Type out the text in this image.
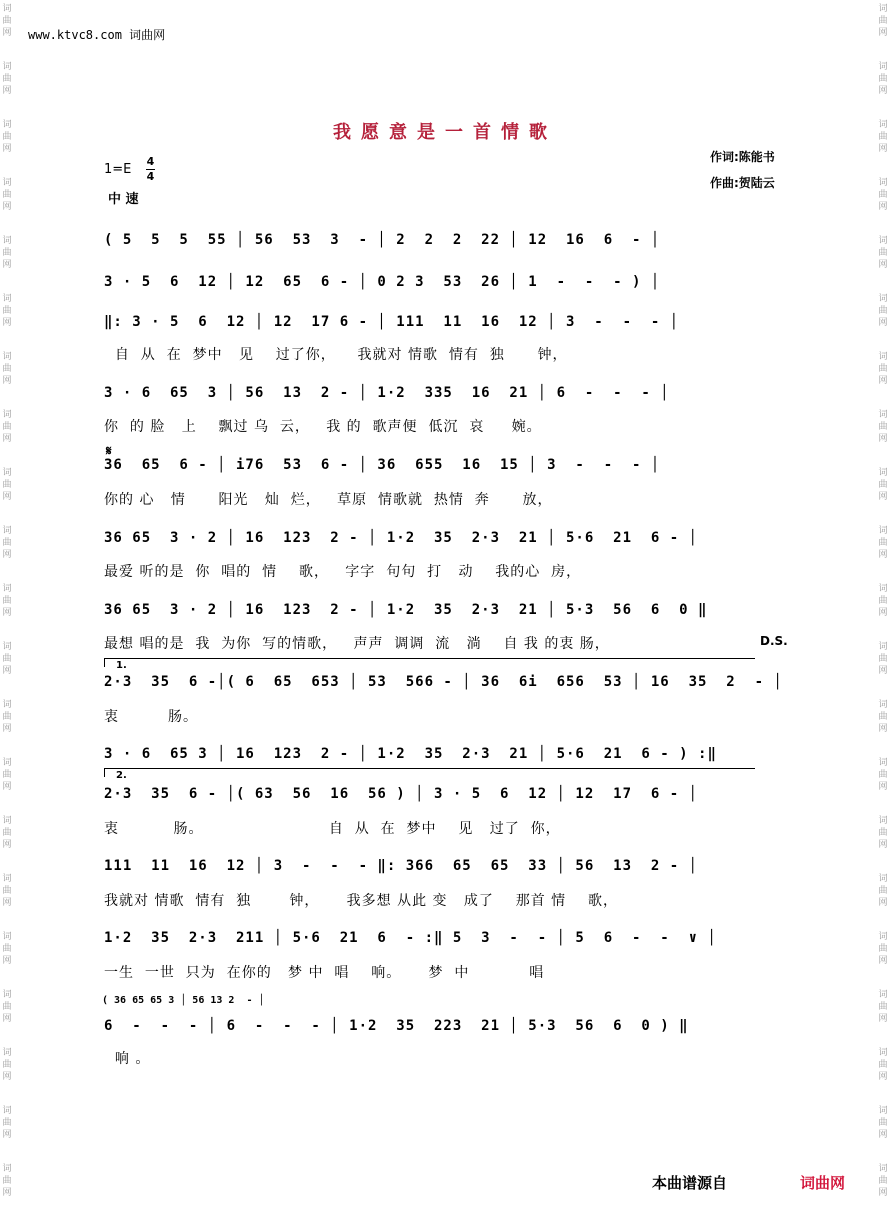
词
曲
网
词
曲
网
词
曲
网
词
曲
网
词
曲
网
词
曲
网
词
曲
网
词
曲
网
词
曲
网
词
曲
网
词
曲
网
词
曲
网
词
曲
网
词
曲
网
词
曲
网
词
曲
网
词
曲
网
词
曲
网
词
曲
网
词
曲
网
词
曲
网
词
曲
网
词
曲
网
词
曲
网
词
曲
网
词
曲
网
词
曲
网
词
曲
网
词
曲
网
词
曲
网
词
曲
网
词
曲
网
词
曲
网
词
曲
网
词
曲
网
词
曲
网
词
曲
网
词
曲
网
词
曲
网
词
曲
网
词
曲
网
词
曲
网
www.ktvc8.com 词曲网
我愿意是一首情歌
作词:陈能书
作曲:贺陆云
1=E
4
4
中 速
𝄋
D.S.
1.
2.
( 5  5  5  55 │ 56  53  3  - │ 2  2  2  22 │ 12  16  6  - │
3 · 5  6  12 │ 12  65  6 - │ 0 2 3  53  26 │ 1  -  -  - ) │
‖: 3 · 5  6  12 │ 12  17 6 - │ 111  11  16  12 │ 3  -  -  - │
自  从  在  梦中   见    过了你，    我就对 情歌  情有  独      钟，
3 · 6  65  3 │ 56  13  2 - │ 1·2  335  16  21 │ 6  -  -  - │
你  的 脸   上    飘过 乌  云，   我 的  歌声便  低沉  哀     婉。
36  65  6 - │ i76  53  6 - │ 36  655  16  15 │ 3  -  -  - │
你的 心   情      阳光   灿  烂，   草原  情歌就  热情  奔      放，
36 65  3 · 2 │ 16  123  2 - │ 1·2  35  2·3  21 │ 5·6  21  6 - │
最爱 听的是  你  唱的  情    歌，   字字  句句  打   动    我的心  房，
36 65  3 · 2 │ 16  123  2 - │ 1·2  35  2·3  21 │ 5·3  56  6  0 ‖
最想 唱的是  我  为你  写的情歌，   声声  调调  流   淌    自 我 的衷 肠，
2·3  35  6 -│( 6  65  653 │ 53  566 - │ 36  6i  656  53 │ 16  35  2  - │
衷         肠。
3 · 6  65 3 │ 16  123  2 - │ 1·2  35  2·3  21 │ 5·6  21  6 - ) :‖
2·3  35  6 - │( 63  56  16  56 ) │ 3 · 5  6  12 │ 12  17  6 - │
衷          肠。                       自  从  在  梦中    见   过了  你，
111  11  16  12 │ 3  -  -  - ‖: 366  65  65  33 │ 56  13  2 - │
我就对 情歌  情有  独       钟，     我多想 从此 变   成了    那首 情    歌，
1·2  35  2·3  211 │ 5·6  21  6  - :‖ 5  3  -  - │ 5  6  -  -  ∨ │
一生  一世  只为  在你的   梦 中  唱    响。     梦  中           唱
6  -  -  - │ 6  -  -  - │ 1·2  35  223  21 │ 5·3  56  6  0 ) ‖
响 。
( 36 65 65 3 │ 56 13 2  - │
本曲谱源自	词曲网
